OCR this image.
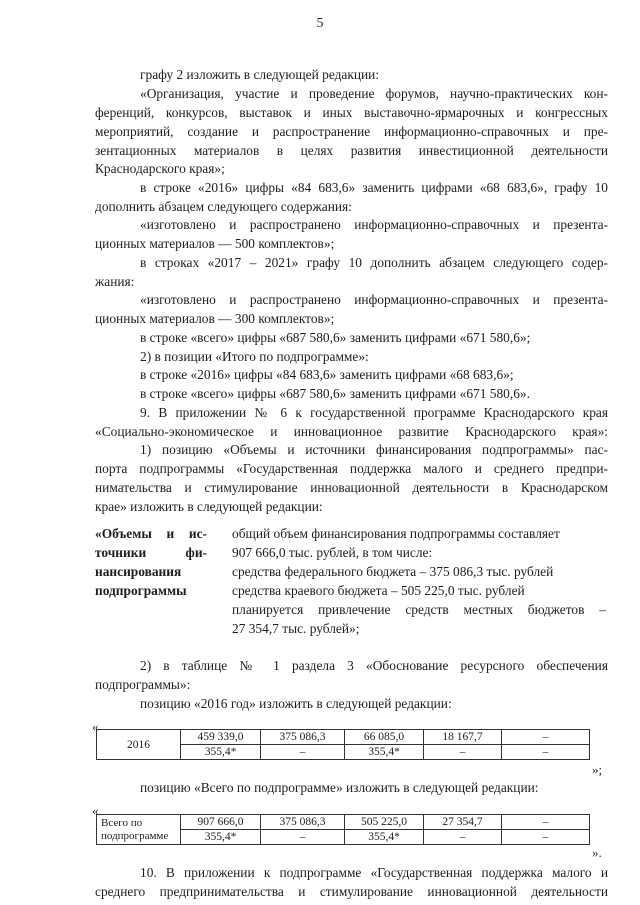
5
графу 2 изложить в следующей редакции:
«Организация, участие и проведение форумов, научно-практических кон-
ференций, конкурсов, выставок и иных выставочно-ярмарочных и конгрессных
мероприятий, создание и распространение информационно-справочных и пре-
зентационных материалов в целях развития инвестиционной деятельности
Краснодарского края»;
в строке «2016» цифры «84 683,6» заменить цифрами «68 683,6», графу 10
дополнить абзацем следующего содержания:
«изготовлено и распространено информационно-справочных и презента-
ционных материалов — 500 комплектов»;
в строках «2017 – 2021» графу 10 дополнить абзацем следующего содер-
жания:
«изготовлено и распространено информационно-справочных и презента-
ционных материалов — 300 комплектов»;
в строке «всего» цифры «687 580,6» заменить цифрами «671 580,6»;
2) в позиции «Итого по подпрограмме»:
в строке «2016» цифры «84 683,6» заменить цифрами «68 683,6»;
в строке «всего» цифры «687 580,6» заменить цифрами «671 580,6».
9. В приложении № 6 к государственной программе Краснодарского края
«Социально-экономическое и инновационное развитие Краснодарского края»:
1) позицию «Объемы и источники финансирования подпрограммы» пас-
порта подпрограммы «Государственная поддержка малого и среднего предпри-
нимательства и стимулирование инновационной деятельности в Краснодарском
крае» изложить в следующей редакции:
«Объемы и ис-
точники фи-
нансирования
подпрограммы
общий объем финансирования подпрограммы составляет
907 666,0 тыс. рублей, в том числе:
средства федерального бюджета – 375 086,3 тыс. рублей
средства краевого бюджета – 505 225,0 тыс. рублей
планируется привлечение средств местных бюджетов –
27 354,7 тыс. рублей»;
2) в таблице № 1 раздела 3 «Обоснование ресурсного обеспечения
подпрограммы»:
позицию «2016 год» изложить в следующей редакции:
«
2016	459 339,0	375 086,3	66 085,0	18 167,7	–
	355,4*	–	355,4*	–	–
»;
позицию «Всего по подпрограмме» изложить в следующей редакции:
«
Всего по подпрограмме	907 666,0	375 086,3	505 225,0	27 354,7	–
	355,4*	–	355,4*	–	–
».
10. В приложении к подпрограмме «Государственная поддержка малого и
среднего предпринимательства и стимулирование инновационной деятельности
